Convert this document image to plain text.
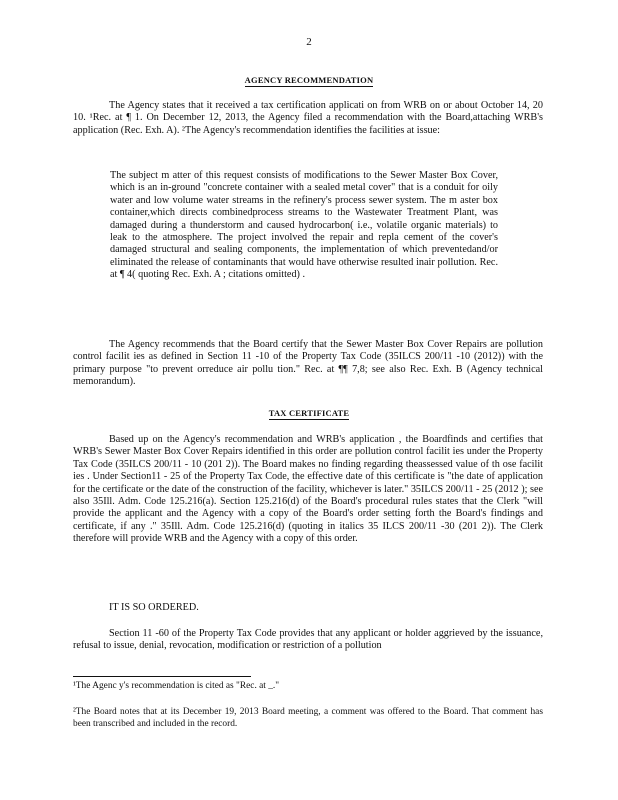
2
AGENCY RECOMMENDATION
The Agency states that it received a tax certification applicati on from WRB on or about October 14, 20 10. ¹Rec. at ¶ 1. On December 12, 2013, the Agency filed a recommendation with the Board,attaching WRB's application (Rec. Exh. A). ²The Agency's recommendation identifies the facilities at issue:
The subject m atter of this request consists of modifications to the Sewer Master Box Cover, which is an in-ground "concrete container with a sealed metal cover" that is a conduit for oily water and low volume water streams in the refinery's process sewer system. The m aster box container,which directs combinedprocess streams to the Wastewater Treatment Plant, was damaged during a thunderstorm and caused hydrocarbon( i.e., volatile organic materials) to leak to the atmosphere. The project involved the repair and repla cement of the cover's damaged structural and sealing components, the implementation of which preventedand/or eliminated the release of contaminants that would have otherwise resulted inair pollution. Rec. at ¶ 4( quoting Rec. Exh. A ; citations omitted) .
The Agency recommends that the Board certify that the Sewer Master Box Cover Repairs are pollution control facilit ies as defined in Section 11 -10 of the Property Tax Code (35ILCS 200/11 -10 (2012)) with the primary purpose "to prevent orreduce air pollu tion." Rec. at ¶¶ 7,8; see also Rec. Exh. B (Agency technical memorandum).
TAX CERTIFICATE
Based up on the Agency's recommendation and WRB's application , the Boardfinds and certifies that WRB's Sewer Master Box Cover Repairs identified in this order are pollution control facilit ies under the Property Tax Code (35ILCS 200/11 - 10 (201 2)). The Board makes no finding regarding theassessed value of th ose facilit ies . Under Section11 - 25 of the Property Tax Code, the effective date of this certificate is "the date of application for the certificate or the date of the construction of the facility, whichever is later." 35ILCS 200/11 - 25 (2012 ); see also 35Ill. Adm. Code 125.216(a). Section 125.216(d) of the Board's procedural rules states that the Clerk "will provide the applicant and the Agency with a copy of the Board's order setting forth the Board's findings and certificate, if any ." 35Ill. Adm. Code 125.216(d) (quoting in italics 35 ILCS 200/11 -30 (201 2)). The Clerk therefore will provide WRB and the Agency with a copy of this order.
IT IS SO ORDERED.
Section 11 -60 of the Property Tax Code provides that any applicant or holder aggrieved by the issuance, refusal to issue, denial, revocation, modification or restriction of a pollution
¹The Agenc y's recommendation is cited as "Rec. at _."
²The Board notes that at its December 19, 2013 Board meeting, a comment was offered to the Board. That comment has been transcribed and included in the record.
